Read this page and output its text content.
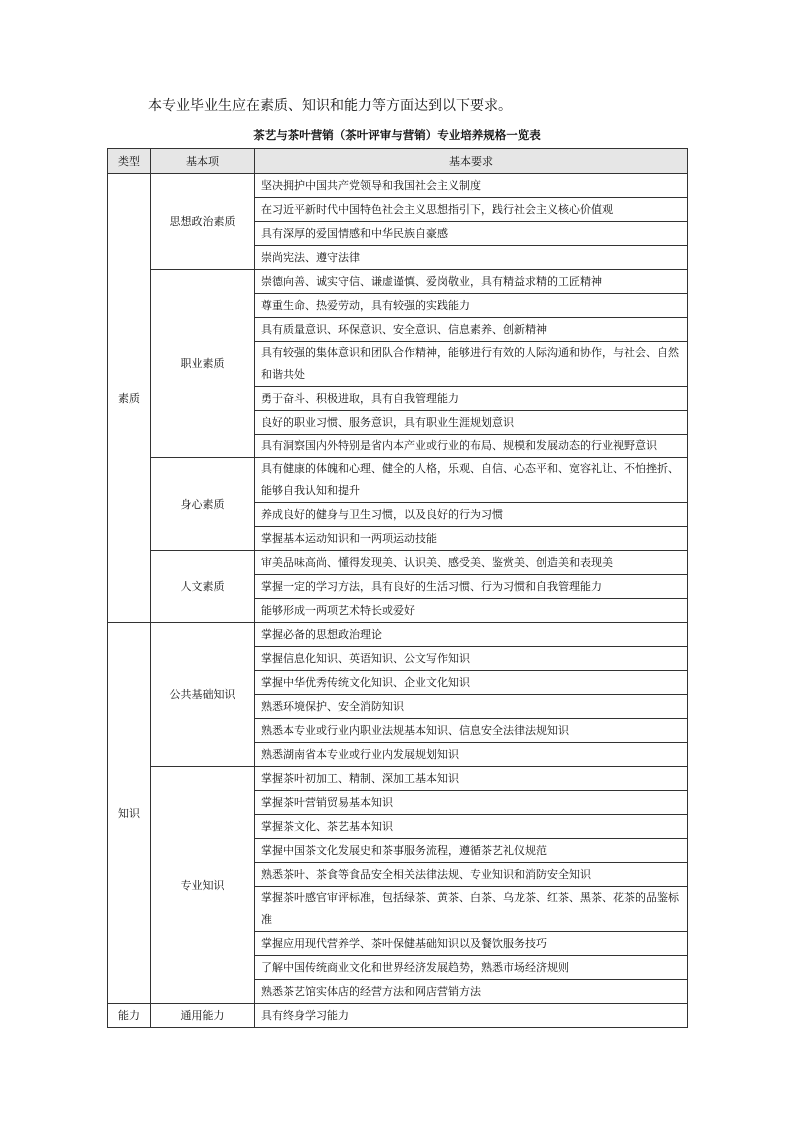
本专业毕业生应在素质、知识和能力等方面达到以下要求。

茶艺与茶叶营销（茶叶评审与营销）专业培养规格一览表
类型	基本项	基本要求
素质	思想政治素质	坚决拥护中国共产党领导和我国社会主义制度
		在习近平新时代中国特色社会主义思想指引下，践行社会主义核心价值观
		具有深厚的爱国情感和中华民族自豪感
		崇尚宪法、遵守法律
	职业素质	崇德向善、诚实守信、谦虚谨慎、爱岗敬业，具有精益求精的工匠精神
		尊重生命、热爱劳动，具有较强的实践能力
		具有质量意识、环保意识、安全意识、信息素养、创新精神
		具有较强的集体意识和团队合作精神，能够进行有效的人际沟通和协作，与社会、自然和谐共处
		勇于奋斗、积极进取，具有自我管理能力
		良好的职业习惯、服务意识，具有职业生涯规划意识
		具有洞察国内外特别是省内本产业或行业的布局、规模和发展动态的行业视野意识
	身心素质	具有健康的体魄和心理、健全的人格，乐观、自信、心态平和、宽容礼让、不怕挫折、能够自我认知和提升
		养成良好的健身与卫生习惯，以及良好的行为习惯
		掌握基本运动知识和一两项运动技能
	人文素质	审美品味高尚、懂得发现美、认识美、感受美、鉴赏美、创造美和表现美
		掌握一定的学习方法，具有良好的生活习惯、行为习惯和自我管理能力
		能够形成一两项艺术特长或爱好
知识	公共基础知识	掌握必备的思想政治理论
		掌握信息化知识、英语知识、公文写作知识
		掌握中华优秀传统文化知识、企业文化知识
		熟悉环境保护、安全消防知识
		熟悉本专业或行业内职业法规基本知识、信息安全法律法规知识
		熟悉湖南省本专业或行业内发展规划知识
	专业知识	掌握茶叶初加工、精制、深加工基本知识
		掌握茶叶营销贸易基本知识
		掌握茶文化、茶艺基本知识
		掌握中国茶文化发展史和茶事服务流程，遵循茶艺礼仪规范
		熟悉茶叶、茶食等食品安全相关法律法规、专业知识和消防安全知识
		掌握茶叶感官审评标准，包括绿茶、黄茶、白茶、乌龙茶、红茶、黑茶、花茶的品鉴标准
		掌握应用现代营养学、茶叶保健基础知识以及餐饮服务技巧
		了解中国传统商业文化和世界经济发展趋势，熟悉市场经济规则
		熟悉茶艺馆实体店的经营方法和网店营销方法
能力	通用能力	具有终身学习能力
